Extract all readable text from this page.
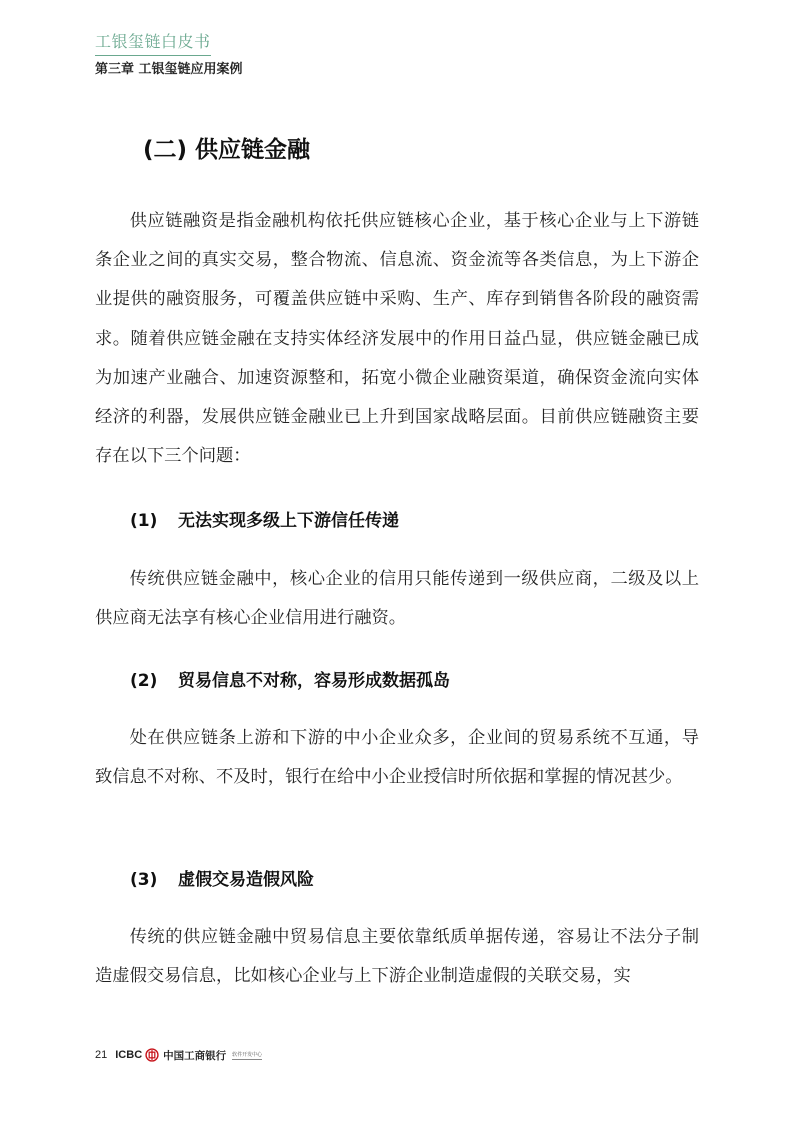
工银玺链白皮书
第三章 工银玺链应用案例
(二) 供应链金融

供应链融资是指金融机构依托供应链核心企业，基于核心企业与上下游链条企业之间的真实交易，整合物流、信息流、资金流等各类信息，为上下游企业提供的融资服务，可覆盖供应链中采购、生产、库存到销售各阶段的融资需求。随着供应链金融在支持实体经济发展中的作用日益凸显，供应链金融已成为加速产业融合、加速资源整和，拓宽小微企业融资渠道，确保资金流向实体经济的利器，发展供应链金融业已上升到国家战略层面。目前供应链融资主要存在以下三个问题：

(1) 无法实现多级上下游信任传递

传统供应链金融中，核心企业的信用只能传递到一级供应商，二级及以上供应商无法享有核心企业信用进行融资。

(2) 贸易信息不对称，容易形成数据孤岛

处在供应链条上游和下游的中小企业众多，企业间的贸易系统不互通，导致信息不对称、不及时，银行在给中小企业授信时所依据和掌握的情况甚少。

(3) 虚假交易造假风险

传统的供应链金融中贸易信息主要依靠纸质单据传递，容易让不法分子制造虚假交易信息，比如核心企业与上下游企业制造虚假的关联交易，实

21 ICBC 中国工商银行 软件开发中心
